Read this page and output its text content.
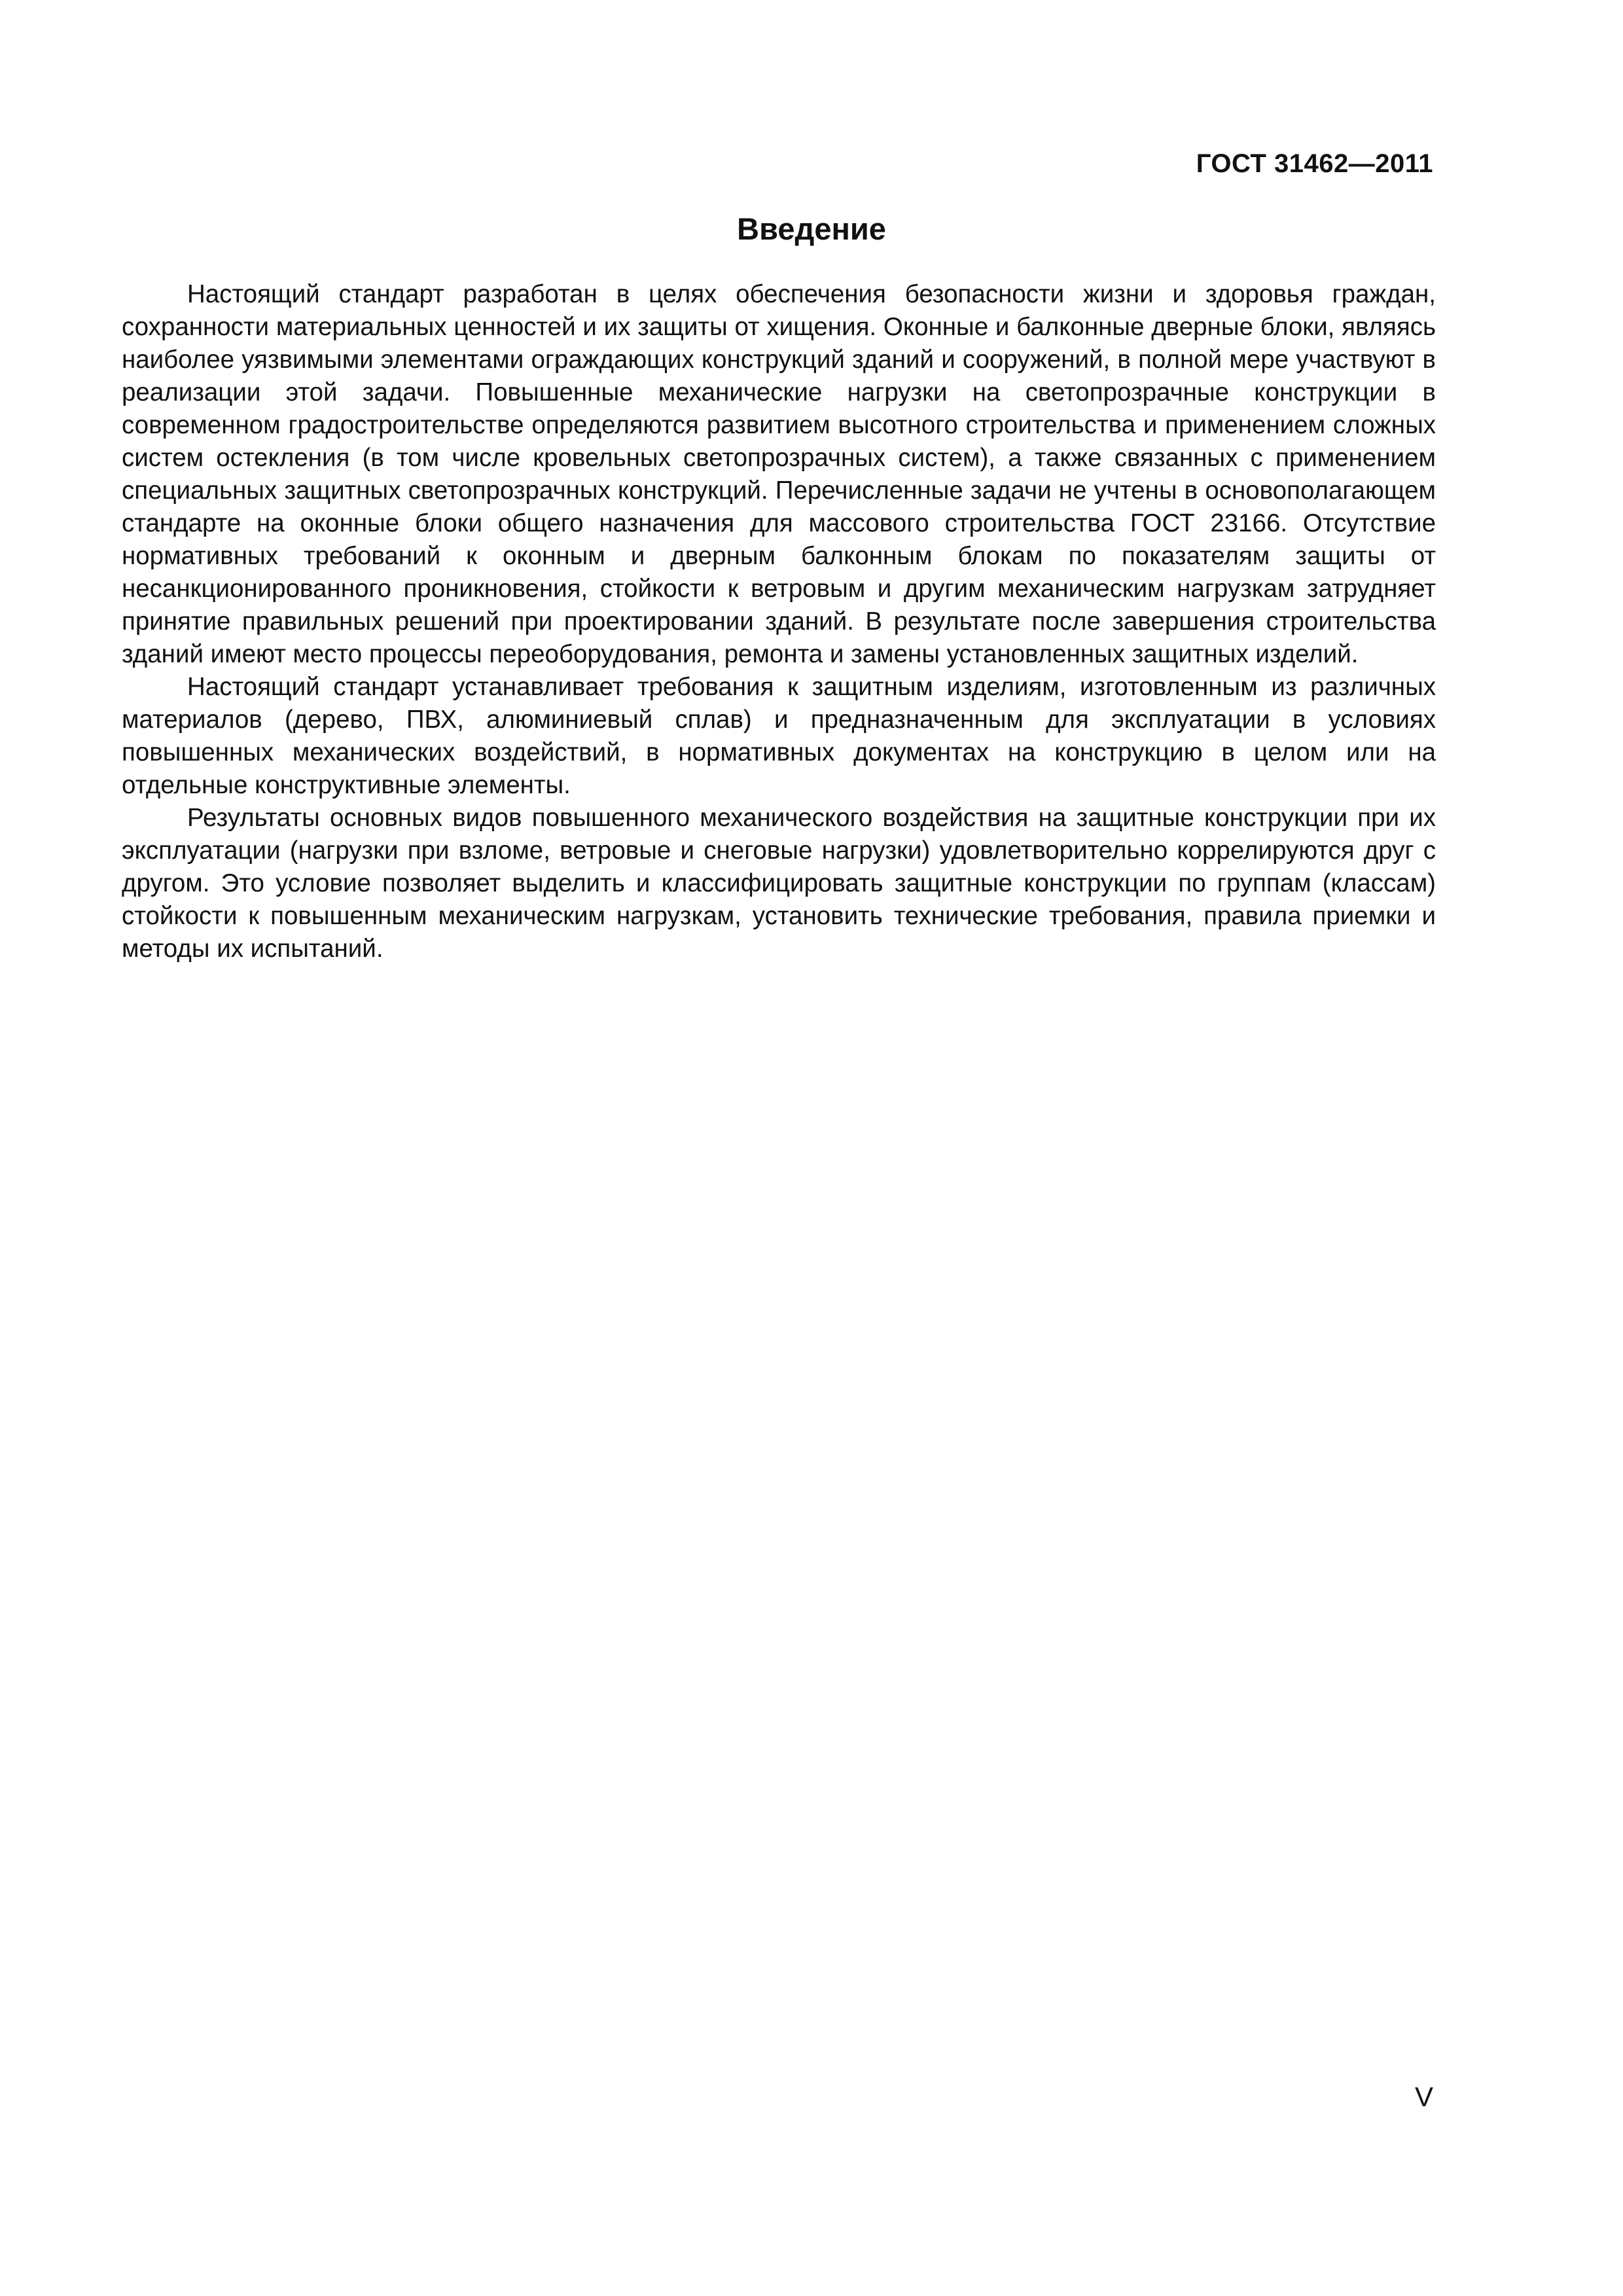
ГОСТ 31462—2011
Введение

Настоящий стандарт разработан в целях обеспечения безопасности жизни и здоровья граждан, сохранности материальных ценностей и их защиты от хищения. Оконные и балконные дверные блоки, являясь наиболее уязвимыми элементами ограждающих конструкций зданий и сооружений, в полной мере участвуют в реализации этой задачи. Повышенные механические нагрузки на светопрозрачные конструкции в современном градостроительстве определяются развитием высотного строительства и применением сложных систем остекления (в том числе кровельных светопрозрачных систем), а также связанных с применением специальных защитных светопрозрачных конструкций. Перечисленные задачи не учтены в основополагающем стандарте на оконные блоки общего назначения для массового строительства ГОСТ 23166. Отсутствие нормативных требований к оконным и дверным балконным блокам по показателям защиты от несанкционированного проникновения, стойкости к ветровым и другим механическим нагрузкам затрудняет принятие правильных решений при проектировании зданий. В результате после завершения строительства зданий имеют место процессы переоборудования, ремонта и замены установленных защитных изделий.

Настоящий стандарт устанавливает требования к защитным изделиям, изготовленным из различных материалов (дерево, ПВХ, алюминиевый сплав) и предназначенным для эксплуатации в условиях повышенных механических воздействий, в нормативных документах на конструкцию в целом или на отдельные конструктивные элементы.

Результаты основных видов повышенного механического воздействия на защитные конструкции при их эксплуатации (нагрузки при взломе, ветровые и снеговые нагрузки) удовлетворительно коррелируются друг с другом. Это условие позволяет выделить и классифицировать защитные конструкции по группам (классам) стойкости к повышенным механическим нагрузкам, установить технические требования, правила приемки и методы их испытаний.

V
